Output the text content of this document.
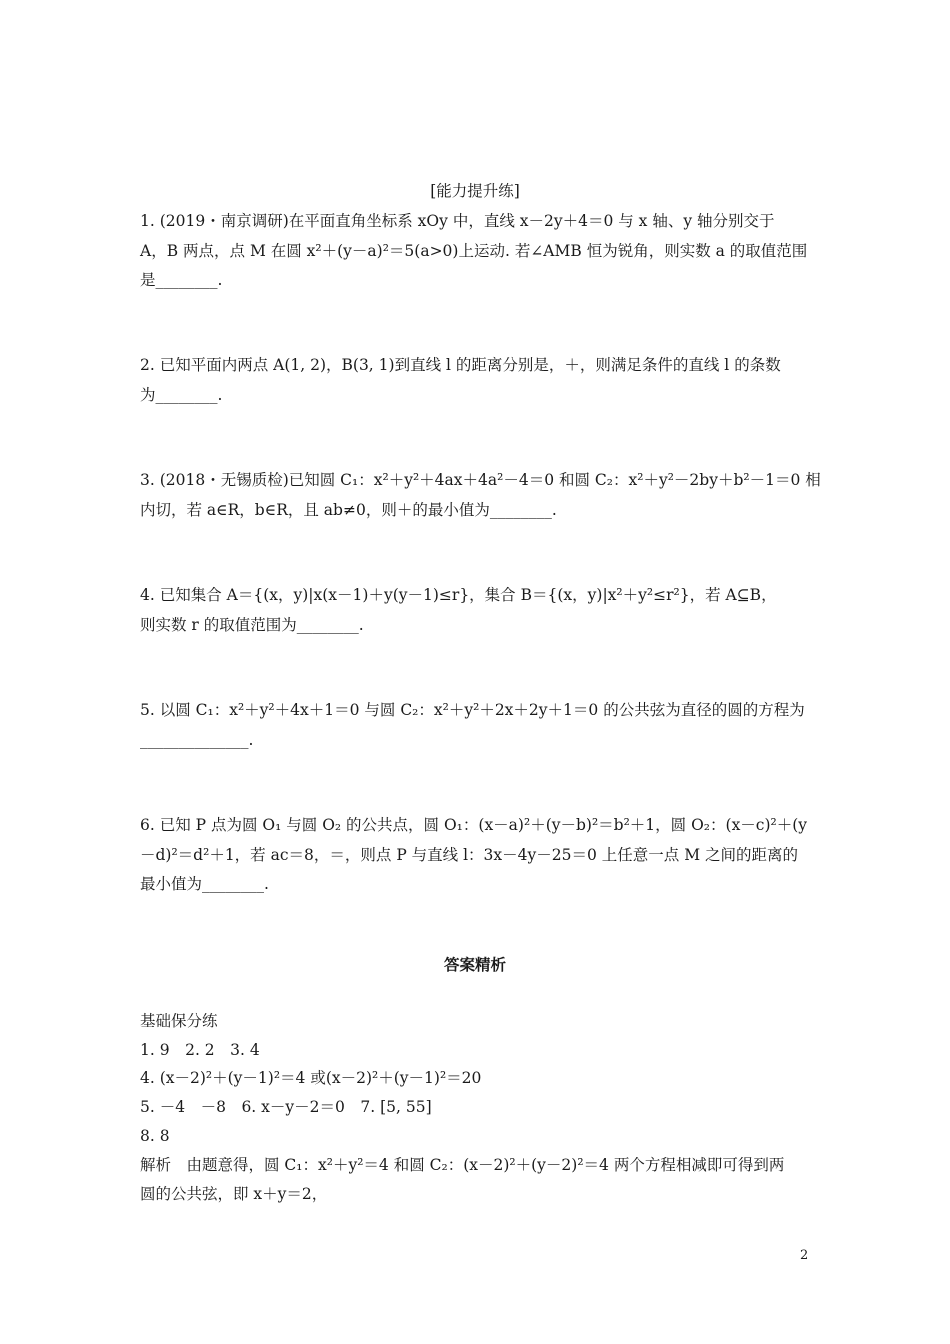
[能力提升练]
1. (2019・南京调研)在平面直角坐标系 xOy 中，直线 x－2y＋4＝0 与 x 轴、y 轴分别交于
A，B 两点，点 M 在圆 x²＋(y－a)²＝5(a>0)上运动. 若∠AMB 恒为锐角，则实数 a 的取值范围
是________.
2. 已知平面内两点 A(1, 2)，B(3, 1)到直线 l 的距离分别是，＋，则满足条件的直线 l 的条数
为________.
3. (2018・无锡质检)已知圆 C₁：x²＋y²＋4ax＋4a²－4＝0 和圆 C₂：x²＋y²－2by＋b²－1＝0 相
内切，若 a∈R，b∈R，且 ab≠0，则＋的最小值为________.
4. 已知集合 A＝{(x，y)|x(x－1)＋y(y－1)≤r}，集合 B＝{(x，y)|x²＋y²≤r²}，若 A⊆B，
则实数 r 的取值范围为________.
5. 以圆 C₁：x²＋y²＋4x＋1＝0 与圆 C₂：x²＋y²＋2x＋2y＋1＝0 的公共弦为直径的圆的方程为
______________.
6. 已知 P 点为圆 O₁ 与圆 O₂ 的公共点，圆 O₁：(x－a)²＋(y－b)²＝b²＋1，圆 O₂：(x－c)²＋(y
－d)²＝d²＋1，若 ac＝8，＝，则点 P 与直线 l：3x－4y－25＝0 上任意一点 M 之间的距离的
最小值为________.
答案精析
基础保分练
1. 9　2. 2　3. 4
4. (x－2)²＋(y－1)²＝4 或(x－2)²＋(y－1)²＝20
5. －4　－8　6. x－y－2＝0　7. [5, 55]
8. 8
解析　由题意得，圆 C₁：x²＋y²＝4 和圆 C₂：(x－2)²＋(y－2)²＝4 两个方程相减即可得到两
圆的公共弦，即 x＋y＝2，
2
